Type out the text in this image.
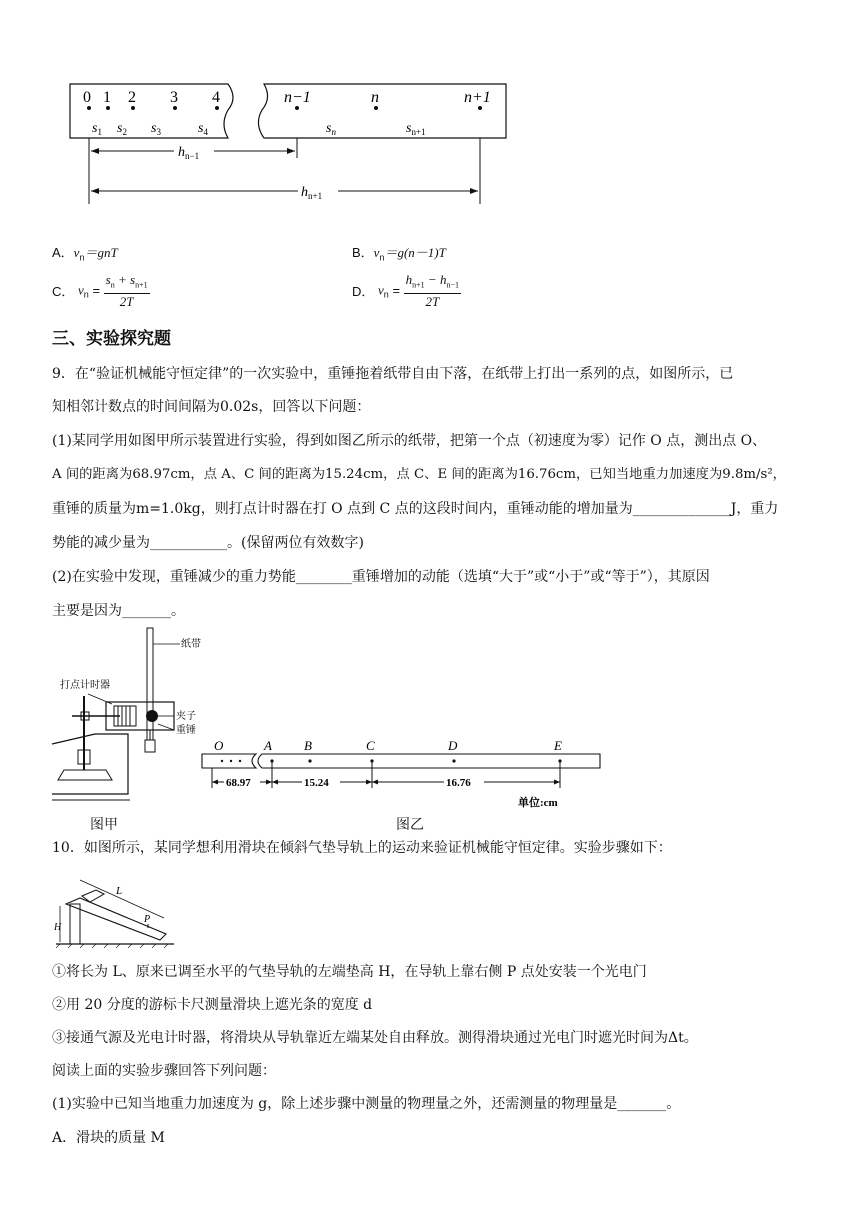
0 1 2 3 4	n−1	n	n+1
$s_1$ $s_2$ $s_3$	$s_4$	$s_n$	$s_{n+1}$
$h_{n-1}$
$h_{n+1}$
A．$v_n=gnT$	B．$v_n=g(n-1)T$
C． $v_n = \frac{s_n + s_{n+1}}{2T}$	D． $v_n = \frac{h_{n+1} - h_{n-1}}{2T}$
三、实验探究题
9．在“验证机械能守恒定律”的一次实验中，重锤拖着纸带自由下落，在纸带上打出一系列的点，如图所示，已
知相邻计数点的时间间隔为0.02s，回答以下问题：
(1)某同学用如图甲所示装置进行实验，得到如图乙所示的纸带，把第一个点（初速度为零）记作 O 点，测出点 O、
A 间的距离为68.97cm，点 A、C 间的距离为15.24cm，点 C、E 间的距离为16.76cm，已知当地重力加速度为9.8m/s²，
重锤的质量为m=1.0kg，则打点计时器在打 O 点到 C 点的这段时间内，重锤动能的增加量为______________J，重力
势能的减少量为___________。(保留两位有效数字)
(2)在实验中发现，重锤减少的重力势能________重锤增加的动能（选填“大于”或“小于”或“等于”），其原因
主要是因为_______。
打点计时器
纸带
夹子
重锤
图甲
O	A B	C	D	E
68.97	15.24	16.76
单位:cm
图乙
10．如图所示，某同学想利用滑块在倾斜气垫导轨上的运动来验证机械能守恒定律。实验步骤如下：
L
P
H
①将长为 L、原来已调至水平的气垫导轨的左端垫高 H，在导轨上靠右侧 P 点处安装一个光电门
②用 20 分度的游标卡尺测量滑块上遮光条的宽度 d
③接通气源及光电计时器，将滑块从导轨靠近左端某处自由释放。测得滑块通过光电门时遮光时间为Δt。
阅读上面的实验步骤回答下列问题：
(1)实验中已知当地重力加速度为 g，除上述步骤中测量的物理量之外，还需测量的物理量是_______。
A．滑块的质量 M
